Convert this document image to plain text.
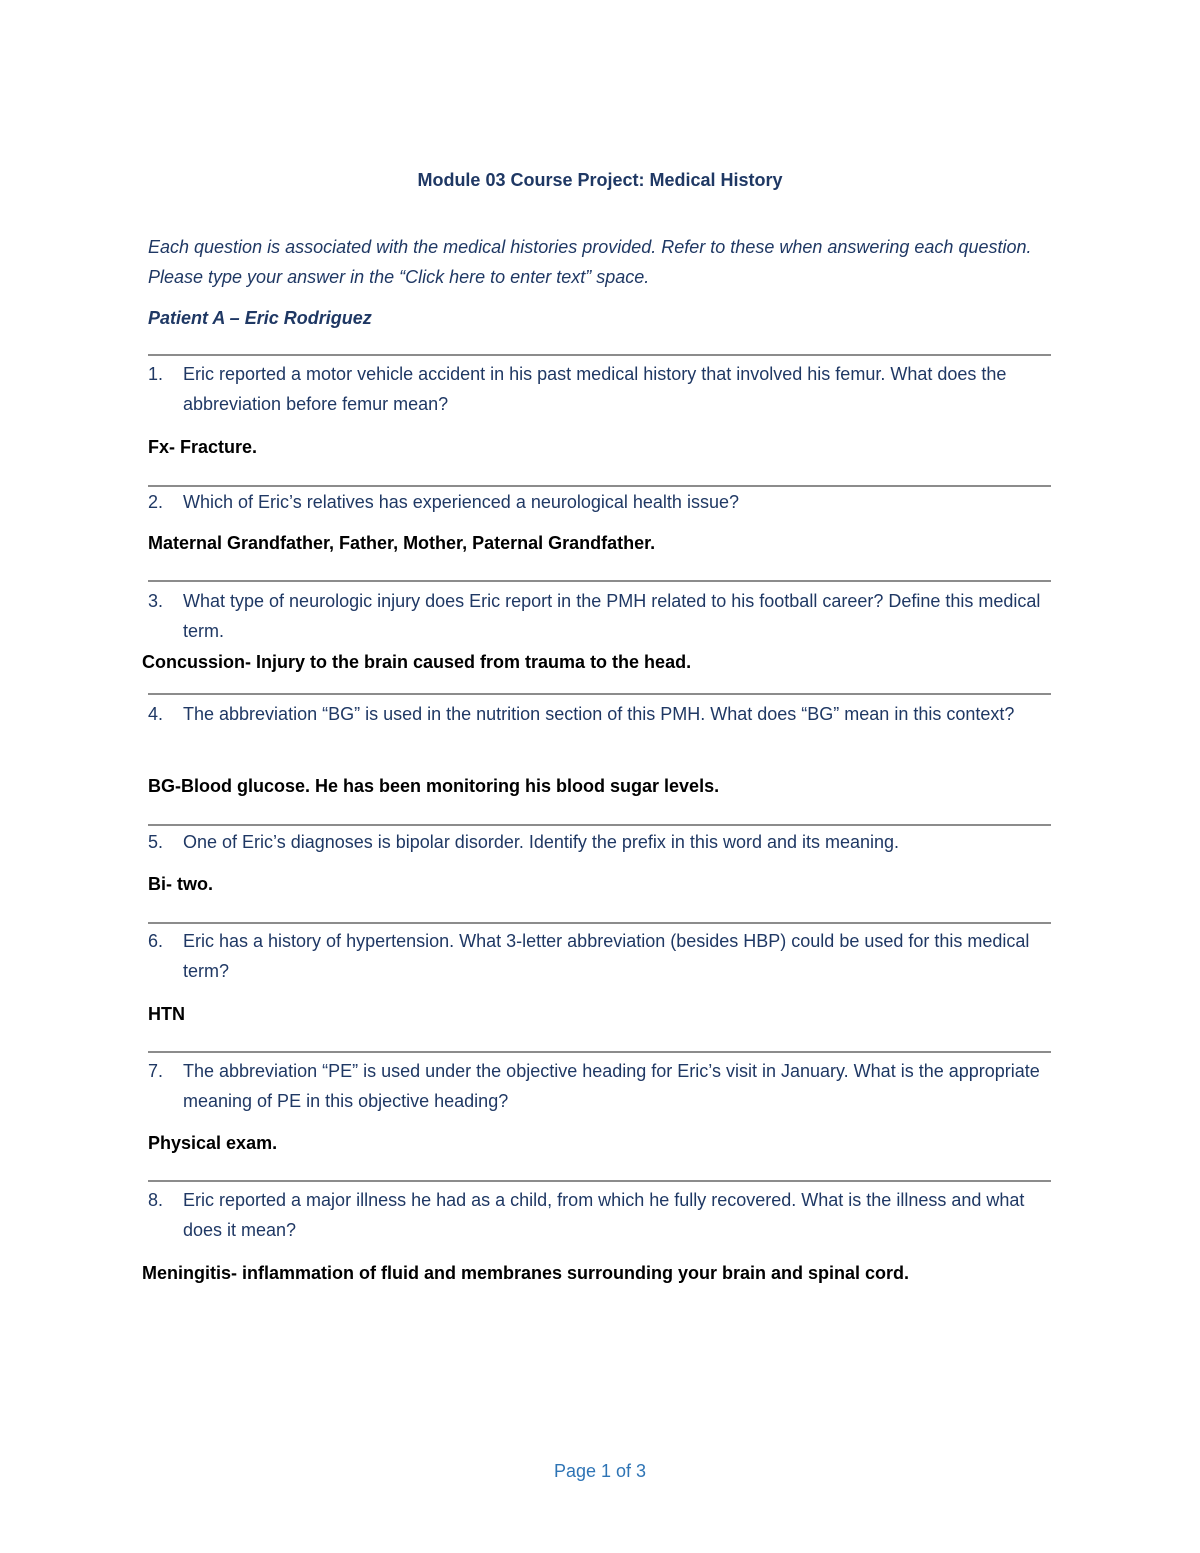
Module 03 Course Project: Medical History
Each question is associated with the medical histories provided. Refer to these when answering each question. Please type your answer in the “Click here to enter text” space.
Patient A – Eric Rodriguez
1.	Eric reported a motor vehicle accident in his past medical history that involved his femur. What does the abbreviation before femur mean?
Fx- Fracture.
2.	Which of Eric’s relatives has experienced a neurological health issue?
Maternal Grandfather, Father, Mother, Paternal Grandfather.
3.	What type of neurologic injury does Eric report in the PMH related to his football career? Define this medical term.
Concussion- Injury to the brain caused from trauma to the head.
4.	The abbreviation “BG” is used in the nutrition section of this PMH. What does “BG” mean in this context?
BG-Blood glucose. He has been monitoring his blood sugar levels.
5.	One of Eric’s diagnoses is bipolar disorder. Identify the prefix in this word and its meaning.
Bi- two.
6.	Eric has a history of hypertension. What 3-letter abbreviation (besides HBP) could be used for this medical term?
HTN
7.	The abbreviation “PE” is used under the objective heading for Eric’s visit in January. What is the appropriate meaning of PE in this objective heading?
Physical exam.
8.	Eric reported a major illness he had as a child, from which he fully recovered. What is the illness and what does it mean?
Meningitis- inflammation of fluid and membranes surrounding your brain and spinal cord.
Page 1 of 3
